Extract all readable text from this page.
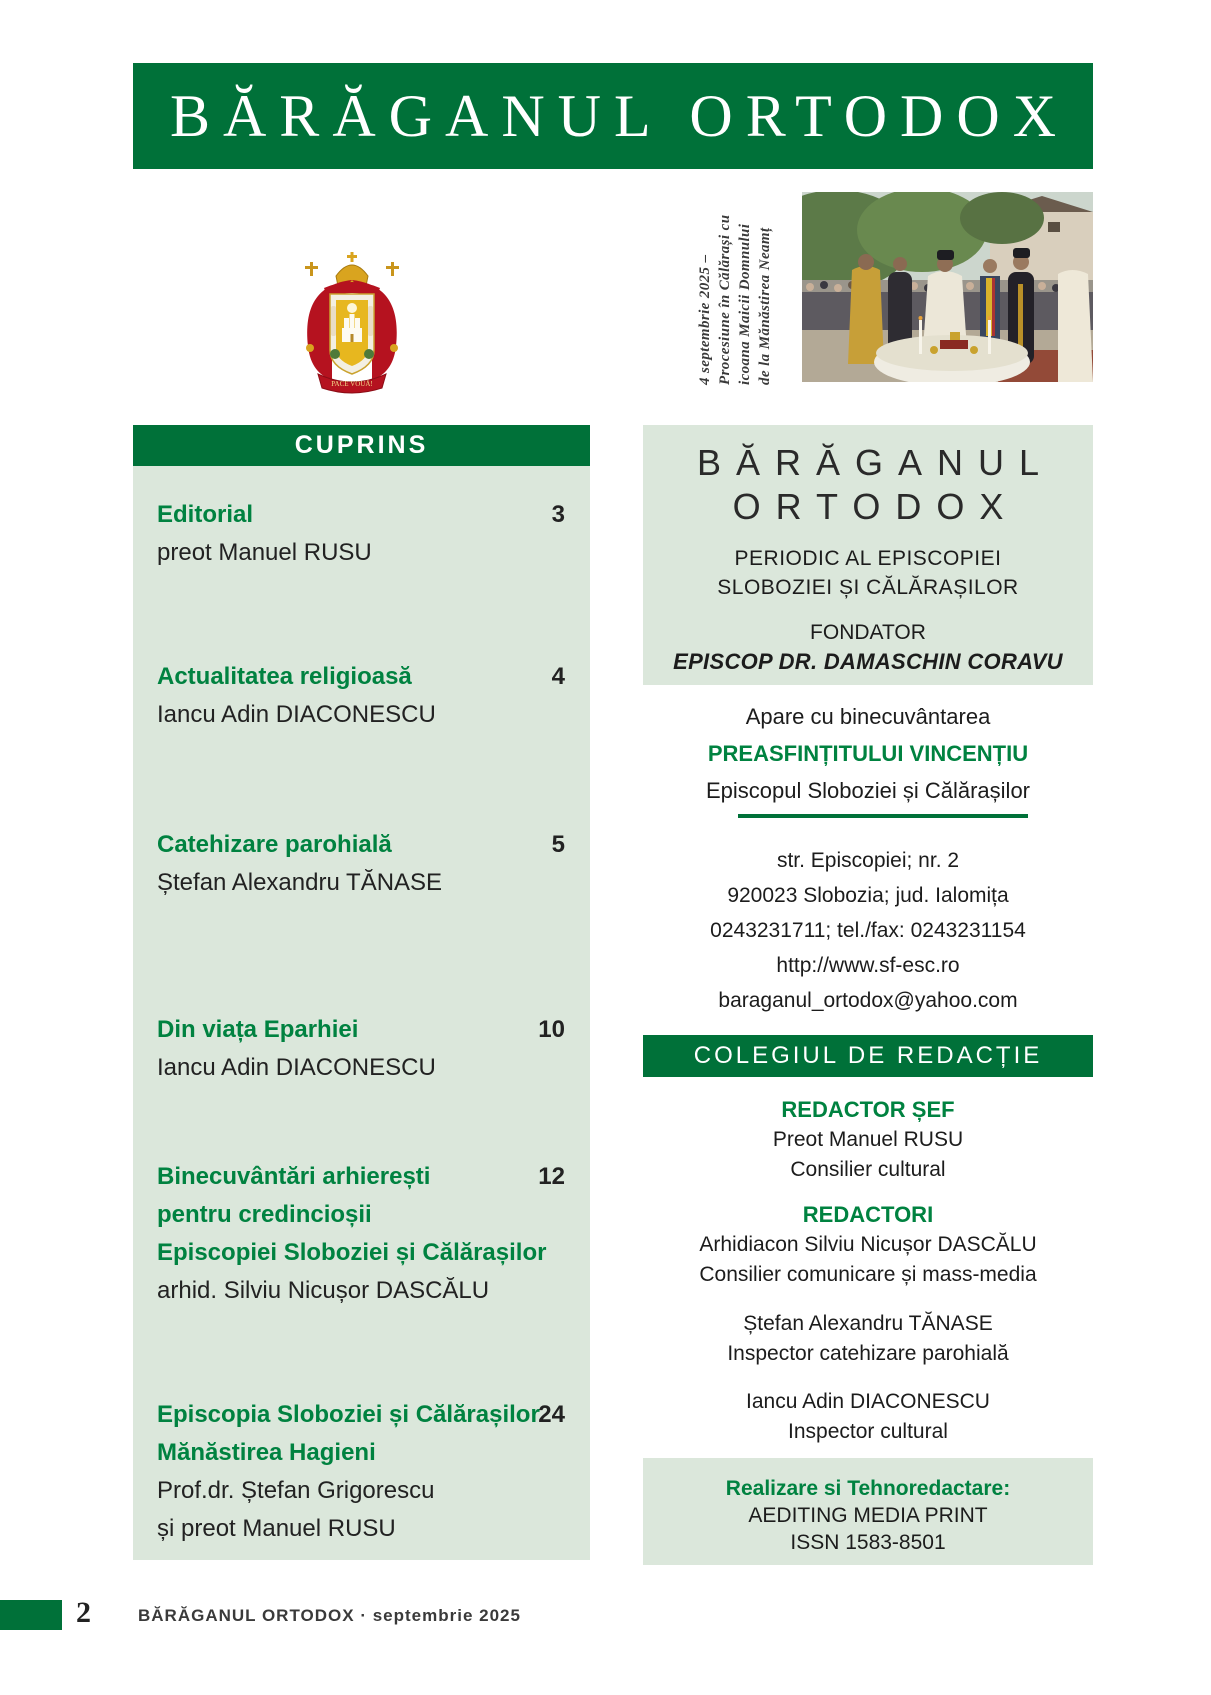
BĂRĂGANUL ORTODOX
4 septembrie 2025 – Procesiune în Călărași cu icoana Maicii Domnului de la Mănăstirea Neamț
PACE VOUĂ!
CUPRINS
Editorial
preot Manuel RUSU
3
Actualitatea religioasă
Iancu Adin DIACONESCU
4
Catehizare parohială
Ștefan Alexandru TĂNASE
5
Din viața Eparhiei
Iancu Adin DIACONESCU
10
Binecuvântări arhierești
pentru credincioșii
Episcopiei Sloboziei și Călărașilor
arhid. Silviu Nicușor DASCĂLU
12
Episcopia Sloboziei și Călărașilor
Mănăstirea Hagieni
Prof.dr. Ștefan Grigorescu
și preot Manuel RUSU
24
BĂRĂGANUL
ORTODOX
PERIODIC AL EPISCOPIEI
SLOBOZIEI ȘI CĂLĂRAȘILOR
FONDATOR
EPISCOP DR. DAMASCHIN CORAVU
Apare cu binecuvântarea
PREASFINȚITULUI VINCENȚIU
Episcopul Sloboziei și Călărașilor
str. Episcopiei; nr. 2
920023 Slobozia; jud. Ialomița
0243231711; tel./fax: 0243231154
http://www.sf-esc.ro
baraganul_ortodox@yahoo.com
COLEGIUL DE REDACȚIE
REDACTOR ȘEF
Preot Manuel RUSU
Consilier cultural
REDACTORI
Arhidiacon Silviu Nicușor DASCĂLU
Consilier comunicare și mass-media
Ștefan Alexandru TĂNASE
Inspector catehizare parohială
Iancu Adin DIACONESCU
Inspector cultural
Realizare si Tehnoredactare:
AEDITING MEDIA PRINT
ISSN 1583-8501
2	BĂRĂGANUL ORTODOX · septembrie 2025
